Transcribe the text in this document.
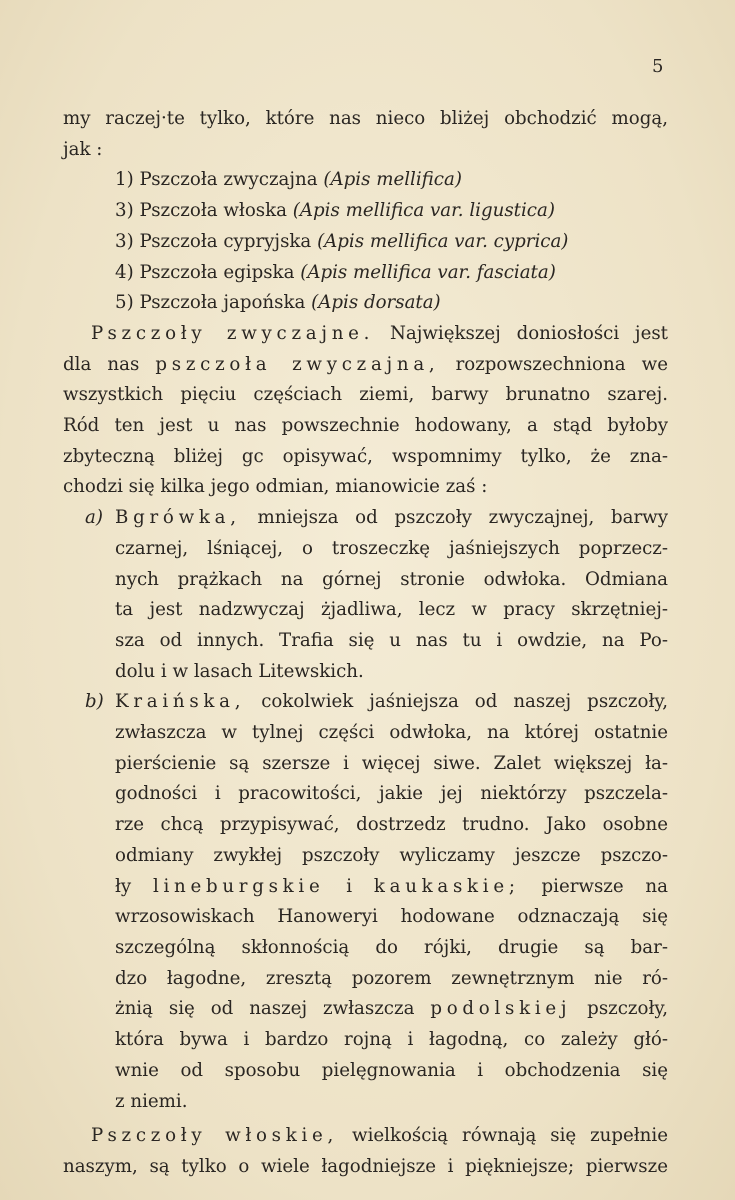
5
my raczej·te tylko, które nas nieco bliżej obchodzić mogą,
jak :
1) Pszczoła zwyczajna (Apis mellifica)
3) Pszczoła włoska (Apis mellifica var. ligustica)
3) Pszczoła cypryjska (Apis mellifica var. cyprica)
4) Pszczoła egipska (Apis mellifica var. fasciata)
5) Pszczoła japońska (Apis dorsata)
Pszczoły zwyczajne. Największej doniosłości jest
dla nas pszczoła zwyczajna, rozpowszechniona we
wszystkich pięciu częściach ziemi, barwy brunatno szarej.
Ród ten jest u nas powszechnie hodowany, a stąd byłoby
zbyteczną bliżej gc opisywać, wspomnimy tylko, że zna-
chodzi się kilka jego odmian, mianowicie zaś :
a) Bgrówka, mniejsza od pszczoły zwyczajnej, barwy
czarnej, lśniącej, o troszeczkę jaśniejszych poprzecz-
nych prążkach na górnej stronie odwłoka. Odmiana
ta jest nadzwyczaj żjadliwa, lecz w pracy skrzętniej-
sza od innych. Trafia się u nas tu i owdzie, na Po-
dolu i w lasach Litewskich.
b) Kraińska, cokolwiek jaśniejsza od naszej pszczoły,
zwłaszcza w tylnej części odwłoka, na której ostatnie
pierścienie są szersze i więcej siwe. Zalet większej ła-
godności i pracowitości, jakie jej niektórzy pszczela-
rze chcą przypisywać, dostrzedz trudno. Jako osobne
odmiany zwykłej pszczoły wyliczamy jeszcze pszczo-
ły lineburgskie i kaukaskie; pierwsze na
wrzosowiskach Hanoweryi hodowane odznaczają się
szczególną skłonnością do rójki, drugie są bar-
dzo łagodne, zresztą pozorem zewnętrznym nie ró-
żnią się od naszej zwłaszcza podolskiej pszczoły,
która bywa i bardzo rojną i łagodną, co zależy głó-
wnie od sposobu pielęgnowania i obchodzenia się
z niemi.
Pszczoły włoskie, wielkością równają się zupełnie
naszym, są tylko o wiele łagodniejsze i piękniejsze; pierwsze
